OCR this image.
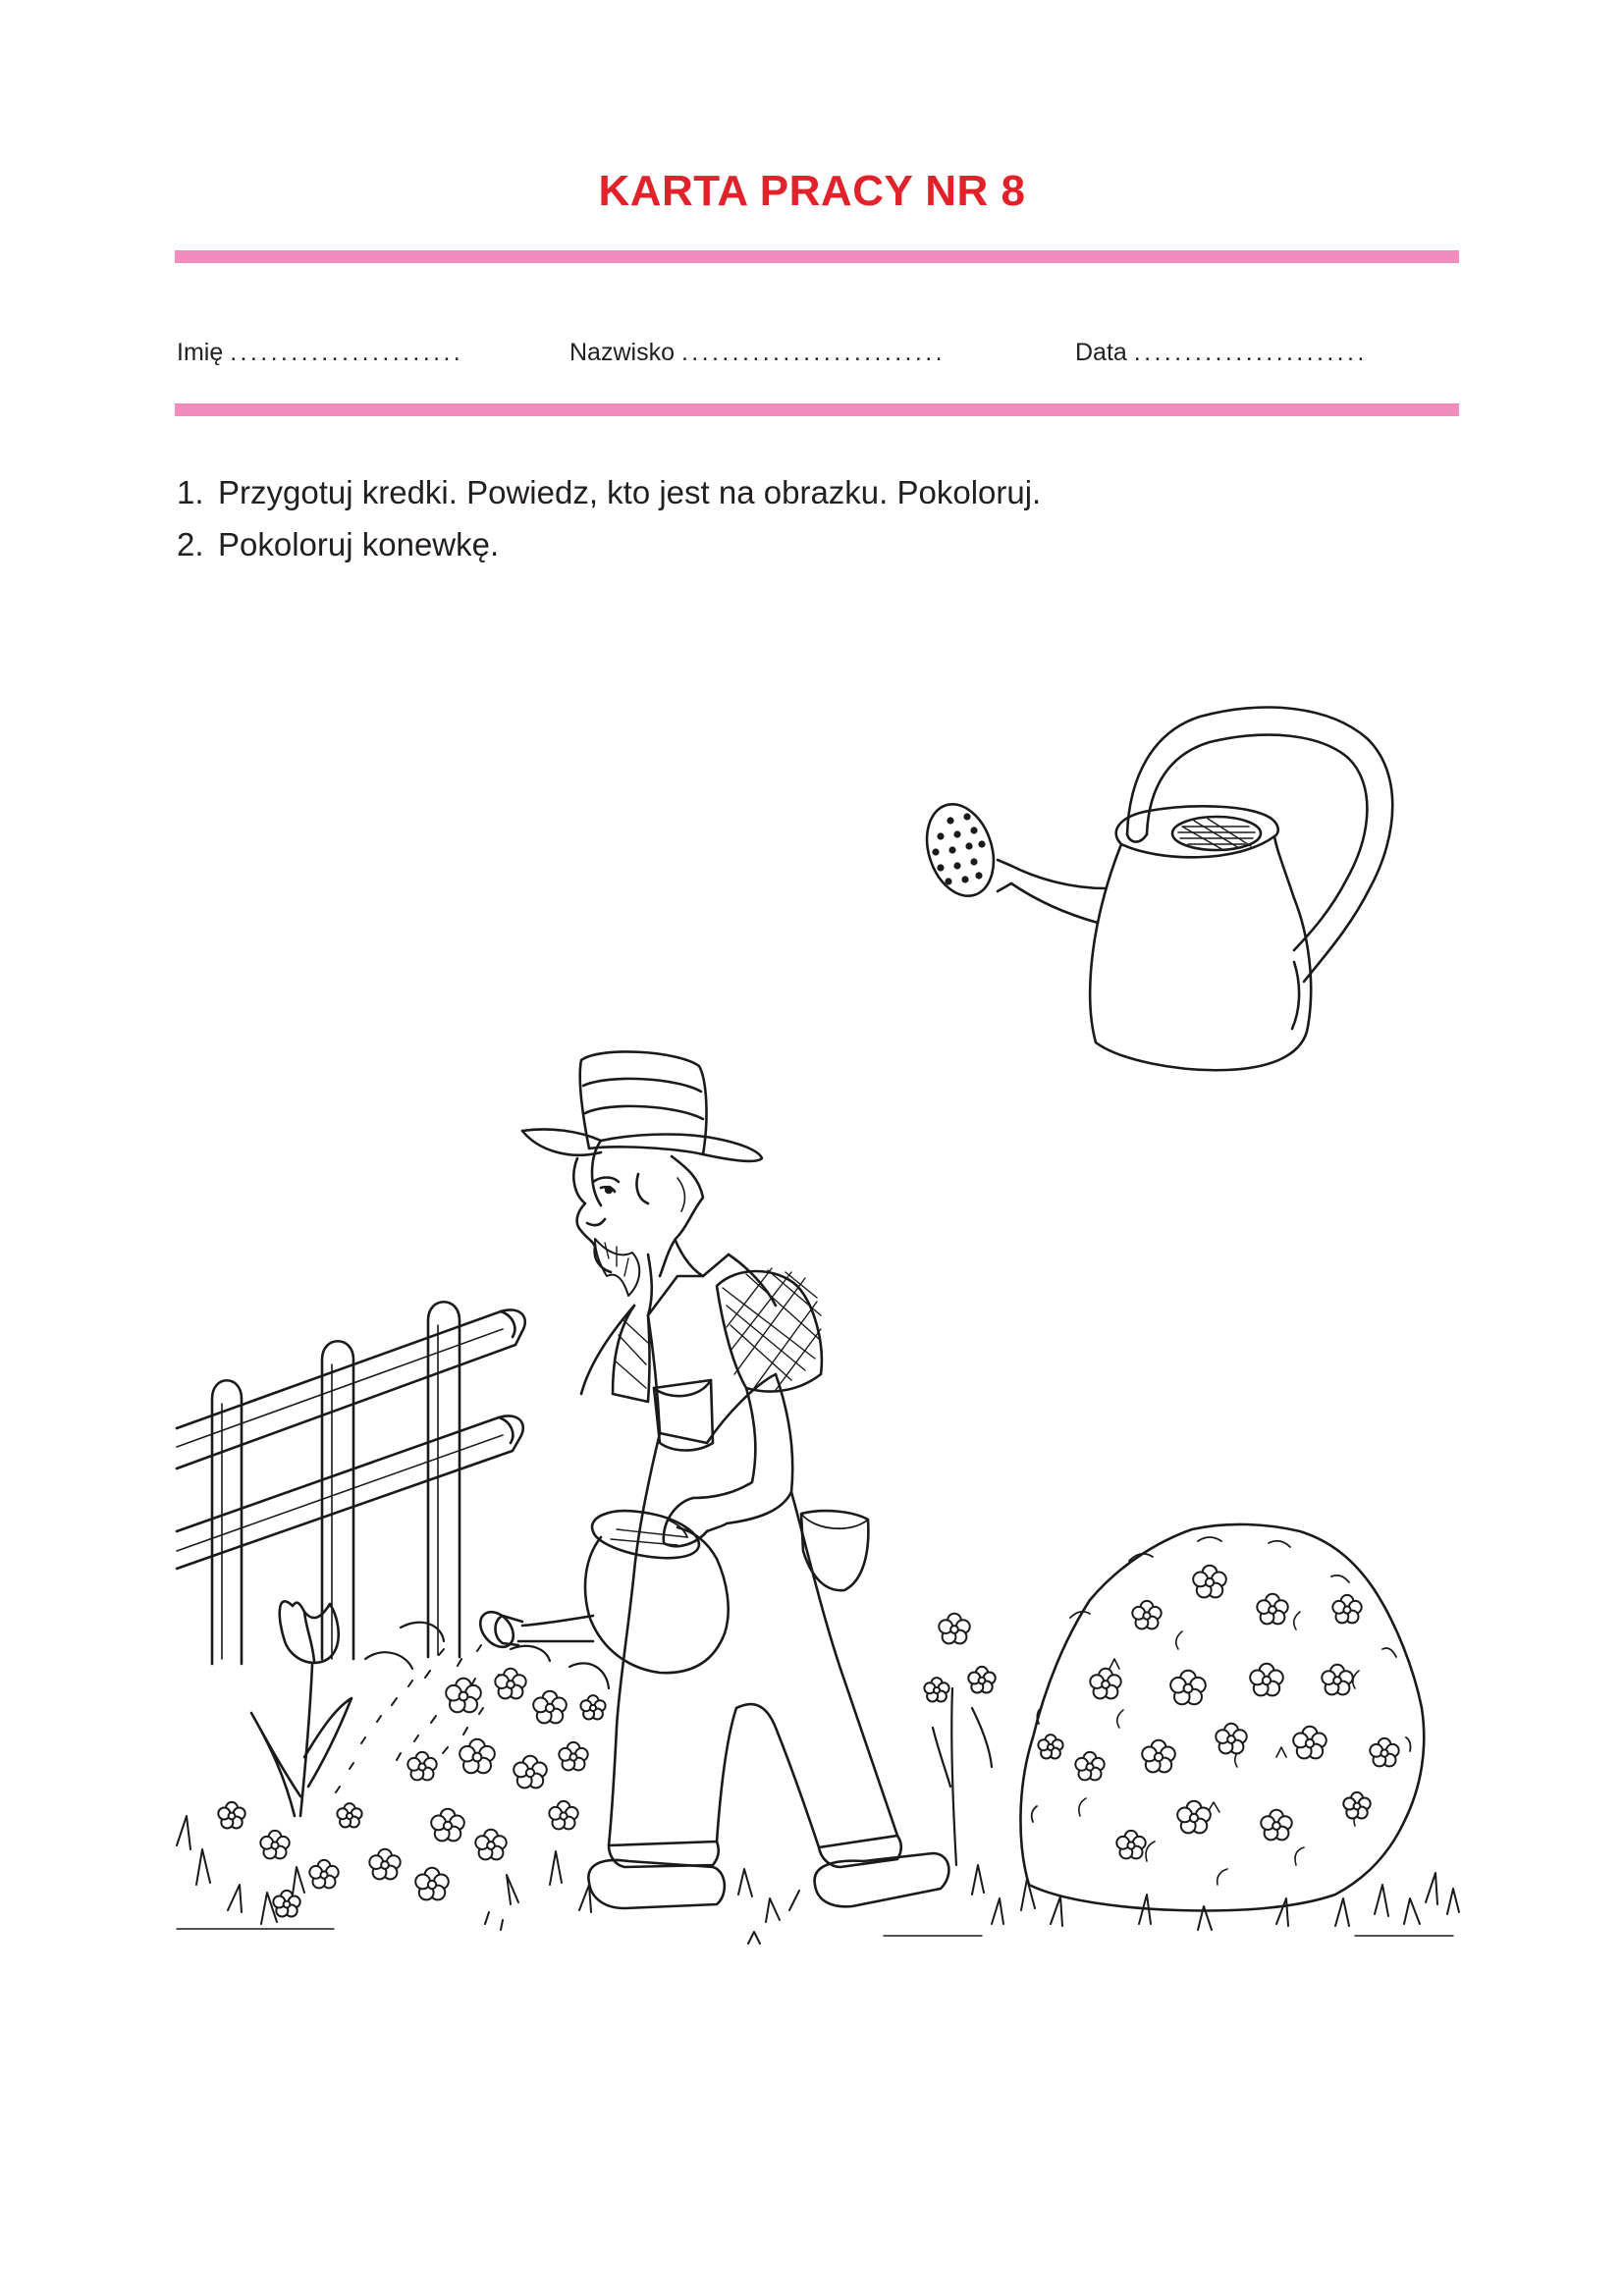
KARTA PRACY NR 8
Imię .......................	Nazwisko ..........................	Data .......................
1. Przygotuj kredki. Powiedz, kto jest na obrazku. Pokoloruj.
2. Pokoloruj konewkę.
